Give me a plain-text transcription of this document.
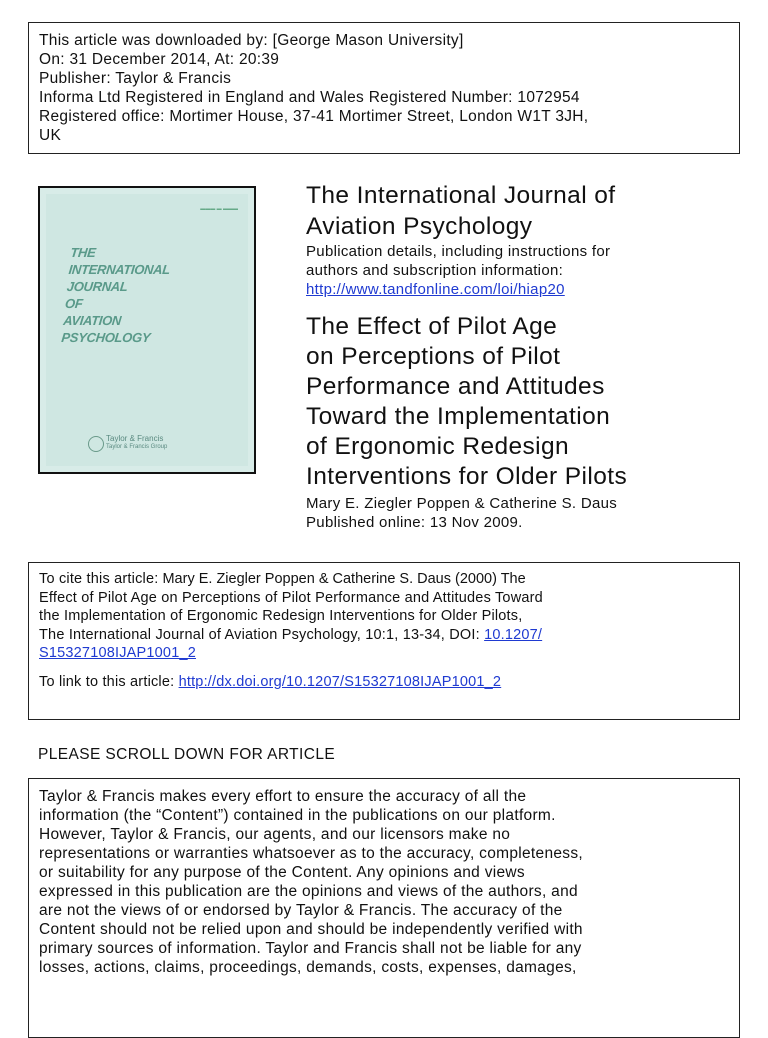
This article was downloaded by: [George Mason University]
On: 31 December 2014, At: 20:39
Publisher: Taylor & Francis
Informa Ltd Registered in England and Wales Registered Number: 1072954
Registered office: Mortimer House, 37-41 Mortimer Street, London W1T 3JH,
UK
▬▬▬ ▬ ▬▬▬
THE
INTERNATIONAL
JOURNAL
OF
AVIATION
PSYCHOLOGY
Taylor & Francis
Taylor & Francis Group
The International Journal of
Aviation Psychology
Publication details, including instructions for
authors and subscription information:
http://www.tandfonline.com/loi/hiap20
The Effect of Pilot Age
on Perceptions of Pilot
Performance and Attitudes
Toward the Implementation
of Ergonomic Redesign
Interventions for Older Pilots
Mary E. Ziegler Poppen & Catherine S. Daus
Published online: 13 Nov 2009.
To cite this article: Mary E. Ziegler Poppen & Catherine S. Daus (2000) The
Effect of Pilot Age on Perceptions of Pilot Performance and Attitudes Toward
the Implementation of Ergonomic Redesign Interventions for Older Pilots,
The International Journal of Aviation Psychology, 10:1, 13-34, DOI: 10.1207/
S15327108IJAP1001_2
To link to this article: http://dx.doi.org/10.1207/S15327108IJAP1001_2
PLEASE SCROLL DOWN FOR ARTICLE
Taylor & Francis makes every effort to ensure the accuracy of all the
information (the “Content”) contained in the publications on our platform.
However, Taylor & Francis, our agents, and our licensors make no
representations or warranties whatsoever as to the accuracy, completeness,
or suitability for any purpose of the Content. Any opinions and views
expressed in this publication are the opinions and views of the authors, and
are not the views of or endorsed by Taylor & Francis. The accuracy of the
Content should not be relied upon and should be independently verified with
primary sources of information. Taylor and Francis shall not be liable for any
losses, actions, claims, proceedings, demands, costs, expenses, damages,
